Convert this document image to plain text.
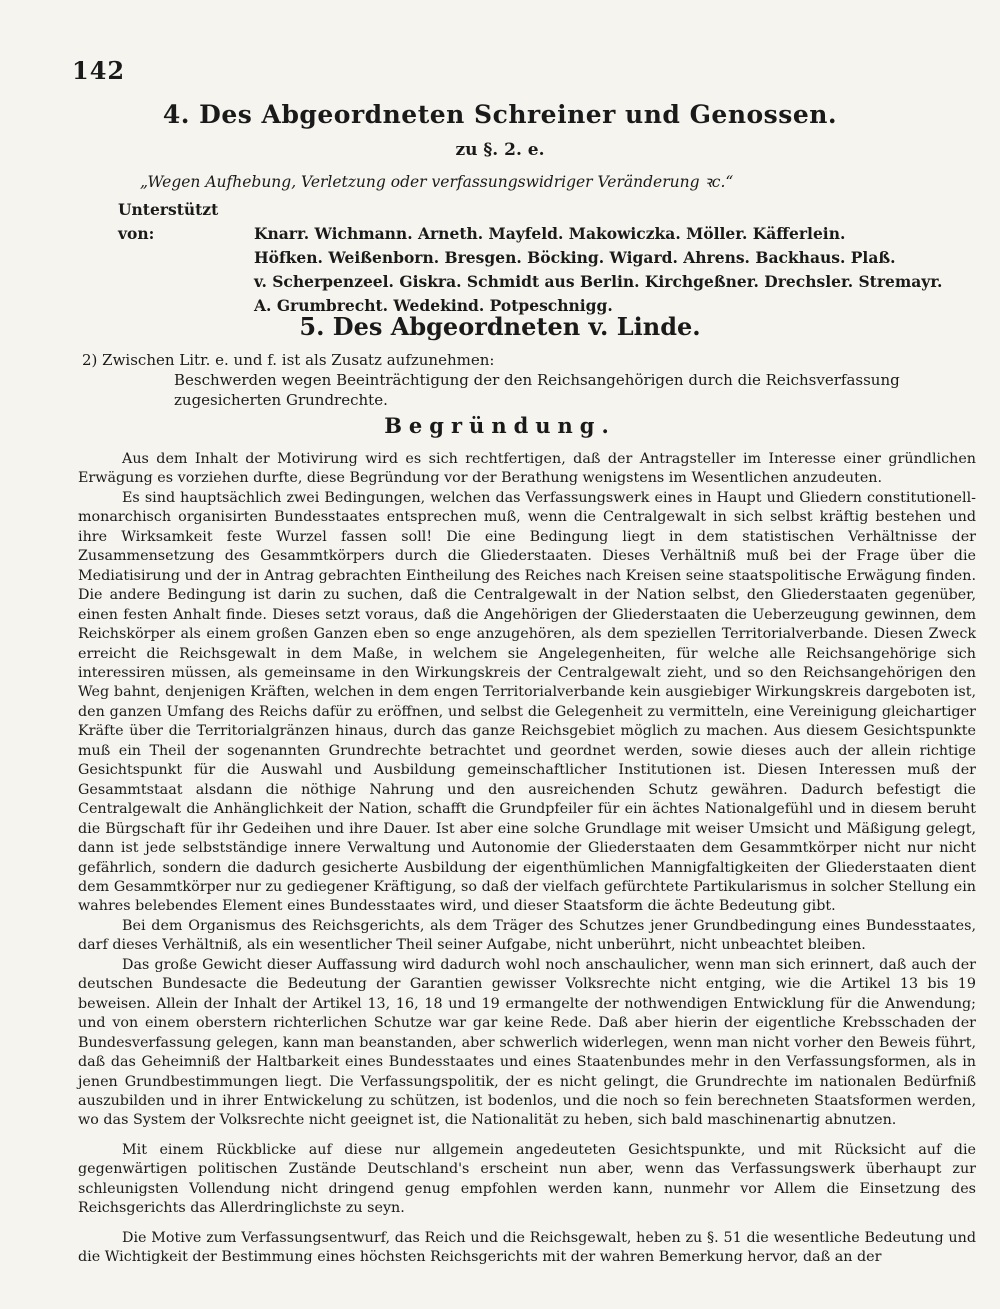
142
4. Des Abgeordneten Schreiner und Genossen.
zu §. 2. e.
„Wegen Aufhebung, Verletzung oder verfassungswidriger Veränderung ꝛc.“
Unterstützt von:	Knarr. Wichmann. Arneth. Mayfeld. Makowiczka. Möller. Käfferlein.
Höfken. Weißenborn. Bresgen. Böcking. Wigard. Ahrens. Backhaus. Plaß.
v. Scherpenzeel. Giskra. Schmidt aus Berlin. Kirchgeßner. Drechsler. Stremayr.
A. Grumbrecht. Wedekind. Potpeschnigg.
5. Des Abgeordneten v. Linde.
2) Zwischen Litr. e. und f. ist als Zusatz aufzunehmen:
Beschwerden wegen Beeinträchtigung der den Reichsangehörigen durch die Reichsverfassung zugesicherten Grundrechte.
Begründung.

Aus dem Inhalt der Motivirung wird es sich rechtfertigen, daß der Antragsteller im Interesse einer gründlichen Erwägung es vorziehen durfte, diese Begründung vor der Berathung wenigstens im Wesentlichen anzudeuten.

Es sind hauptsächlich zwei Bedingungen, welchen das Verfassungswerk eines in Haupt und Gliedern constitutionell-monarchisch organisirten Bundesstaates entsprechen muß, wenn die Centralgewalt in sich selbst kräftig bestehen und ihre Wirksamkeit feste Wurzel fassen soll! Die eine Bedingung liegt in dem statistischen Verhältnisse der Zusammensetzung des Gesammtkörpers durch die Gliederstaaten. Dieses Verhältniß muß bei der Frage über die Mediatisirung und der in Antrag gebrachten Eintheilung des Reiches nach Kreisen seine staatspolitische Erwägung finden. Die andere Bedingung ist darin zu suchen, daß die Centralgewalt in der Nation selbst, den Gliederstaaten gegenüber, einen festen Anhalt finde. Dieses setzt voraus, daß die Angehörigen der Gliederstaaten die Ueberzeugung gewinnen, dem Reichskörper als einem großen Ganzen eben so enge anzugehören, als dem speziellen Territorialverbande. Diesen Zweck erreicht die Reichsgewalt in dem Maße, in welchem sie Angelegenheiten, für welche alle Reichsangehörige sich interessiren müssen, als gemeinsame in den Wirkungskreis der Centralgewalt zieht, und so den Reichsangehörigen den Weg bahnt, denjenigen Kräften, welchen in dem engen Territorialverbande kein ausgiebiger Wirkungskreis dargeboten ist, den ganzen Umfang des Reichs dafür zu eröffnen, und selbst die Gelegenheit zu vermitteln, eine Vereinigung gleichartiger Kräfte über die Territorialgränzen hinaus, durch das ganze Reichsgebiet möglich zu machen. Aus diesem Gesichtspunkte muß ein Theil der sogenannten Grundrechte betrachtet und geordnet werden, sowie dieses auch der allein richtige Gesichtspunkt für die Auswahl und Ausbildung gemeinschaftlicher Institutionen ist. Diesen Interessen muß der Gesammtstaat alsdann die nöthige Nahrung und den ausreichenden Schutz gewähren. Dadurch befestigt die Centralgewalt die Anhänglichkeit der Nation, schafft die Grundpfeiler für ein ächtes Nationalgefühl und in diesem beruht die Bürgschaft für ihr Gedeihen und ihre Dauer. Ist aber eine solche Grundlage mit weiser Umsicht und Mäßigung gelegt, dann ist jede selbstständige innere Verwaltung und Autonomie der Gliederstaaten dem Gesammtkörper nicht nur nicht gefährlich, sondern die dadurch gesicherte Ausbildung der eigenthümlichen Mannigfaltigkeiten der Gliederstaaten dient dem Gesammtkörper nur zu gediegener Kräftigung, so daß der vielfach gefürchtete Partikularismus in solcher Stellung ein wahres belebendes Element eines Bundesstaates wird, und dieser Staatsform die ächte Bedeutung gibt.

Bei dem Organismus des Reichsgerichts, als dem Träger des Schutzes jener Grundbedingung eines Bundesstaates, darf dieses Verhältniß, als ein wesentlicher Theil seiner Aufgabe, nicht unberührt, nicht unbeachtet bleiben.

Das große Gewicht dieser Auffassung wird dadurch wohl noch anschaulicher, wenn man sich erinnert, daß auch der deutschen Bundesacte die Bedeutung der Garantien gewisser Volksrechte nicht entging, wie die Artikel 13 bis 19 beweisen. Allein der Inhalt der Artikel 13, 16, 18 und 19 ermangelte der nothwendigen Entwicklung für die Anwendung; und von einem oberstern richterlichen Schutze war gar keine Rede. Daß aber hierin der eigentliche Krebsschaden der Bundesverfassung gelegen, kann man beanstanden, aber schwerlich widerlegen, wenn man nicht vorher den Beweis führt, daß das Geheimniß der Haltbarkeit eines Bundesstaates und eines Staatenbundes mehr in den Verfassungsformen, als in jenen Grundbestimmungen liegt. Die Verfassungspolitik, der es nicht gelingt, die Grundrechte im nationalen Bedürfniß auszubilden und in ihrer Entwickelung zu schützen, ist bodenlos, und die noch so fein berechneten Staatsformen werden, wo das System der Volksrechte nicht geeignet ist, die Nationalität zu heben, sich bald maschinenartig abnutzen.

Mit einem Rückblicke auf diese nur allgemein angedeuteten Gesichtspunkte, und mit Rücksicht auf die gegenwärtigen politischen Zustände Deutschland's erscheint nun aber, wenn das Verfassungswerk überhaupt zur schleunigsten Vollendung nicht dringend genug empfohlen werden kann, nunmehr vor Allem die Einsetzung des Reichsgerichts das Allerdringlichste zu seyn.

Die Motive zum Verfassungsentwurf, das Reich und die Reichsgewalt, heben zu §. 51 die wesentliche Bedeutung und die Wichtigkeit der Bestimmung eines höchsten Reichsgerichts mit der wahren Bemerkung hervor, daß an der
